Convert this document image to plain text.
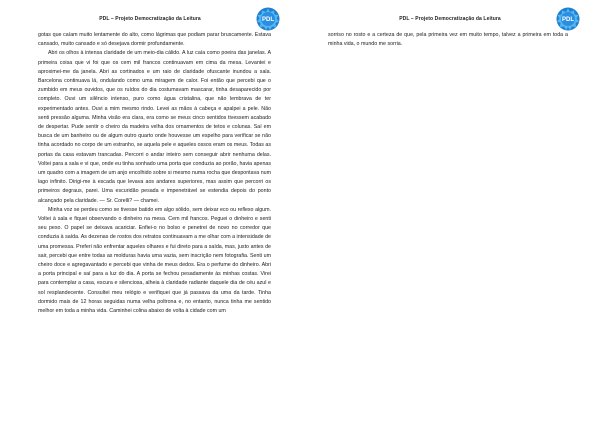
PDL – Projeto Democratização da Leitura	PDL

gotas que caíam muito lentamente do alto, como lágrimas que podiam parar bruscamente. Estava cansado, muito cansado e só desejava dormir profundamente.

Abri os olhos à intensa claridade de um meio-dia cálido. A luz caía como poeira das janelas. A primeira coisa que vi foi que os cem mil francos continuavam em cima da mesa. Levantei e aproximei-me da janela. Abri as cortinados e um raio de claridade ofuscante inundou a sala. Barcelona continuava lá, ondulando como uma miragem de calor. Foi então que percebi que o zumbido em meus ouvidos, que os ruídos do dia costumavam mascarar, tinha desaparecido por completo. Ouvi um silêncio intenso, puro como água cristalina, que não lembrava de ter experimentado antes. Ouvi a mim mesmo rindo. Levei as mãos à cabeça e apalpei a pele. Não senti pressão alguma. Minha visão era clara, era como se meus cinco sentidos tivessem acabado de despertar. Pude sentir o cheiro da madeira velha dos ornamentos de tetos e colunas. Saí em busca de um banheiro ou de algum outro quarto onde houvesse um espelho para verificar se não tinha acordado no corpo de um estranho, se aquela pele e aqueles ossos eram os meus. Todas as portas da casa estavam trancadas. Percorri o andar inteiro sem conseguir abrir nenhuma delas. Voltei para a sala e vi que, onde eu tinha sonhado uma porta que conduzia ao porão, havia apenas um quadro com a imagem de um anjo encolhido sobre si mesmo numa rocha que despontava num lago infinito. Dirigi-me à escada que levava aos andares superiores, mas assim que percorri os primeiros degraus, parei. Uma escuridão pesada e impenetrável se estendia depois do ponto alcançado pela claridade. — Sr. Corelli? — chamei.

Minha voz se perdeu como se tivesse batido em algo sólido, sem deixar eco ou reflexo algum. Voltei à sala e fiquei observando o dinheiro na mesa. Cem mil francos. Peguei o dinheiro e senti seu peso. O papel se deixava acariciar. Enfiei-o no bolso e penetrei de novo no corredor que conduzia à saída. As dezenas de rostos dos retratos continuavam a me olhar com a intensidade de uma promessa. Preferi não enfrentar aqueles olhares e fui direto para a saída, mas, justo antes de sair, percebi que entre todas as molduras havia uma vazia, sem inscrição nem fotografia. Senti um cheiro doce e agregavantado e percebi que vinha de meus dedos. Era o perfume do dinheiro. Abri a porta principal e saí para a luz do dia. A porta se fechou pesadamente às minhas costas. Virei para contemplar a casa, escura e silenciosa, alheia à claridade radiante daquele dia de céu azul e sol resplandecente. Consultei meu relógio e verifiquei que já passava da uma da tarde. Tinha dormido mais de 12 horas seguidas numa velha poltrona e, no entanto, nunca tinha me sentido melhor em toda a minha vida. Caminhei colina abaixo de volta à cidade com um

PDL – Projeto Democratização da Leitura	PDL

sorriso no rosto e a certeza de que, pela primeira vez em muito tempo, talvez a primeira em toda a minha vida, o mundo me sorria.
